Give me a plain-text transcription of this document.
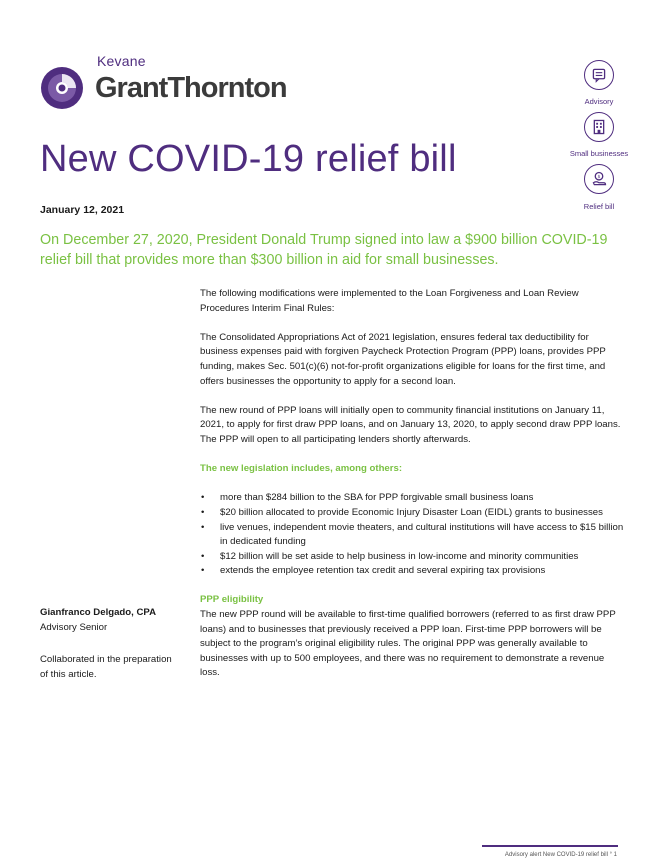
Kevane
GrantThornton	Advisory
Small businesses
$
Relief bill
New COVID-19 relief bill
January 12, 2021

On December 27, 2020, President Donald Trump signed into law a $900 billion COVID-19 relief bill that provides more than $300 billion in aid for small businesses.

The following modifications were implemented to the Loan Forgiveness and Loan Review Procedures Interim Final Rules:

The Consolidated Appropriations Act of 2021 legislation, ensures federal tax deductibility for business expenses paid with forgiven Paycheck Protection Program (PPP) loans, provides PPP funding, makes Sec. 501(c)(6) not-for-profit organizations eligible for loans for the first time, and offers businesses the opportunity to apply for a second loan.

The new round of PPP loans will initially open to community financial institutions on January 11, 2021, to apply for first draw PPP loans, and on January 13, 2020, to apply second draw PPP loans. The PPP will open to all participating lenders shortly afterwards.

The new legislation includes, among others:
• more than $284 billion to the SBA for PPP forgivable small business loans
• $20 billion allocated to provide Economic Injury Disaster Loan (EIDL) grants to businesses
• live venues, independent movie theaters, and cultural institutions will have access to $15 billion in dedicated funding
• $12 billion will be set aside to help business in low-income and minority communities
• extends the employee retention tax credit and several expiring tax provisions
PPP eligibility

The new PPP round will be available to first-time qualified borrowers (referred to as first draw PPP loans) and to businesses that previously received a PPP loan. First-time PPP borrowers will be subject to the program’s original eligibility rules. The original PPP was generally available to businesses with up to 500 employees, and there was no requirement to demonstrate a revenue loss.

Gianfranco Delgado, CPA
Advisory Senior
Collaborated in the preparation of this article.
Advisory alert New COVID-19 relief bill ° 1
